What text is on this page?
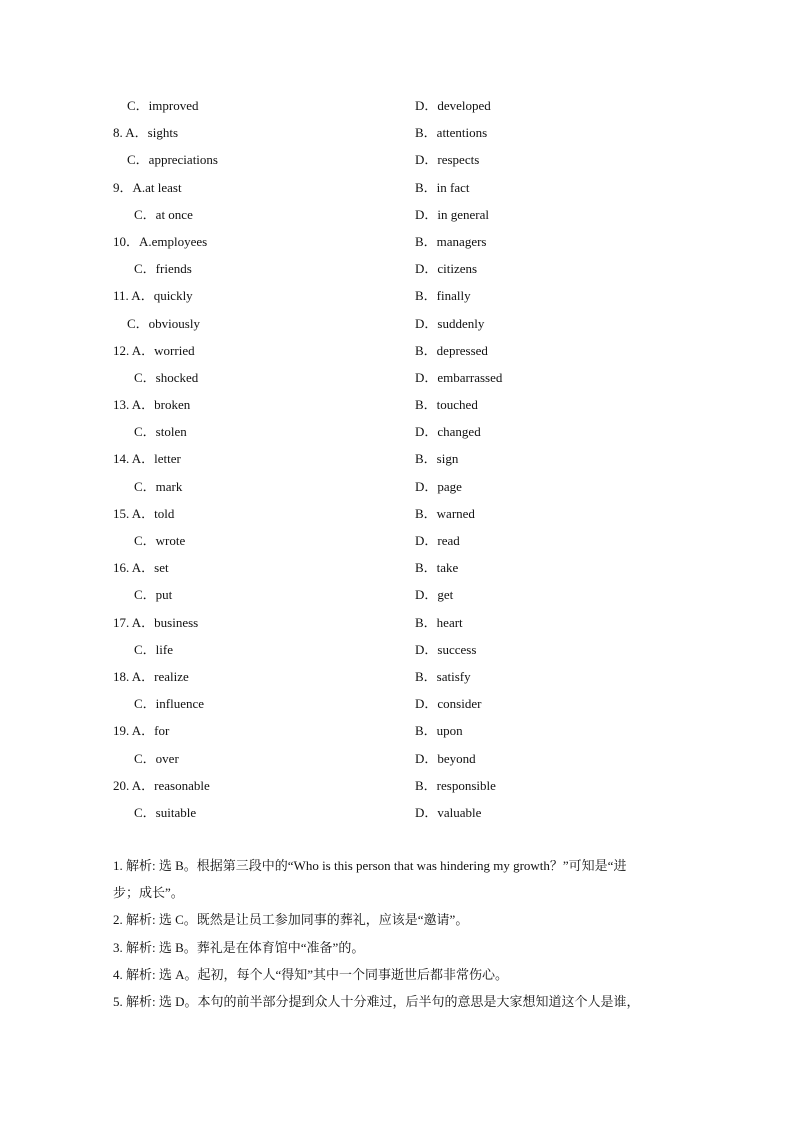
C．improved	D．developed
8. A．sights	B．attentions
C．appreciations	D．respects
9．A.at least	B．in fact
C．at once	D．in general
10．A.employees	B．managers
C．friends	D．citizens
11. A．quickly	B．finally
C．obviously	D．suddenly
12. A．worried	B．depressed
C．shocked	D．embarrassed
13. A．broken	B．touched
C．stolen	D．changed
14. A．letter	B．sign
C．mark	D．page
15. A．told	B．warned
C．wrote	D．read
16. A．set	B．take
C．put	D．get
17. A．business	B．heart
C．life	D．success
18. A．realize	B．satisfy
C．influence	D．consider
19. A．for	B．upon
C．over	D．beyond
20. A．reasonable	B．responsible
C．suitable	D．valuable
1. 解析: 选 B。根据第三段中的“Who is this person that was hindering my growth？”可知是“进
步；成长”。
2. 解析: 选 C。既然是让员工参加同事的葬礼，应该是“邀请”。
3. 解析: 选 B。葬礼是在体育馆中“准备”的。
4. 解析: 选 A。起初，每个人“得知”其中一个同事逝世后都非常伤心。
5. 解析: 选 D。本句的前半部分提到众人十分难过，后半句的意思是大家想知道这个人是谁，
